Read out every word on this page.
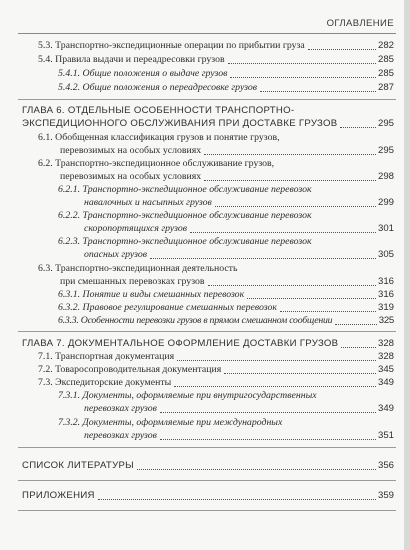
ОГЛАВЛЕНИЕ
5.3. Транспортно-экспедиционные операции по прибытии груза	282
5.4. Правила выдачи и переадресовки грузов	285
5.4.1. Общие положения о выдаче грузов	285
5.4.2. Общие положения о переадресовке грузов	287
ГЛАВА 6. ОТДЕЛЬНЫЕ ОСОБЕННОСТИ ТРАНСПОРТНО-
ЭКСПЕДИЦИОННОГО ОБСЛУЖИВАНИЯ ПРИ ДОСТАВКЕ ГРУЗОВ	295
6.1. Обобщенная классификация грузов и понятие грузов,
перевозимых на особых условиях	295
6.2. Транспортно-экспедиционное обслуживание грузов,
перевозимых на особых условиях	298
6.2.1. Транспортно-экспедиционное обслуживание перевозок
навалочных и насыпных грузов	299
6.2.2. Транспортно-экспедиционное обслуживание перевозок
скоропортящихся грузов	301
6.2.3. Транспортно-экспедиционное обслуживание перевозок
опасных грузов	305
6.3. Транспортно-экспедиционная деятельность
при смешанных перевозках грузов	316
6.3.1. Понятие и виды смешанных перевозок	316
6.3.2. Правовое регулирование смешанных перевозок	319
6.3.3. Особенности перевозки грузов в прямом смешанном сообщении	325
ГЛАВА 7. ДОКУМЕНТАЛЬНОЕ ОФОРМЛЕНИЕ ДОСТАВКИ ГРУЗОВ	328
7.1. Транспортная документация	328
7.2. Товаросопроводительная документация	345
7.3. Экспедиторские документы	349
7.3.1. Документы, оформляемые при внутригосударственных
перевозках грузов	349
7.3.2. Документы, оформляемые при международных
перевозках грузов	351
СПИСОК ЛИТЕРАТУРЫ	356
ПРИЛОЖЕНИЯ	359
